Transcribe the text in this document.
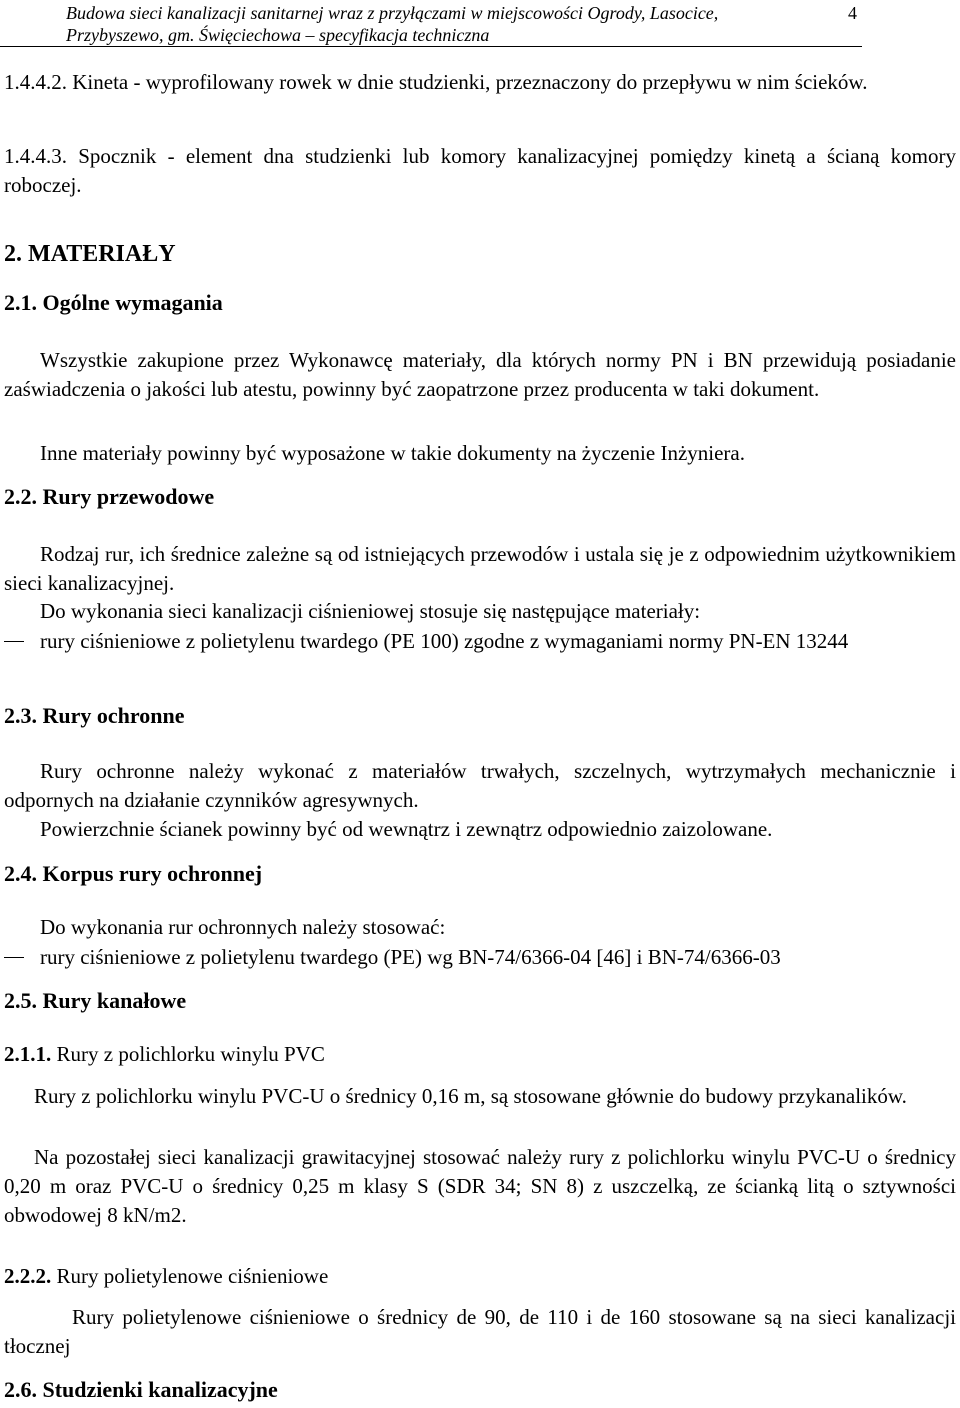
Budowa sieci kanalizacji sanitarnej wraz z przyłączami w miejscowości Ogrody, Lasocice,
Przybyszewo, gm. Święciechowa – specyfikacja techniczna
4
1.4.4.2. Kineta - wyprofilowany rowek w dnie studzienki, przeznaczony do przepływu w nim ścieków.
1.4.4.3. Spocznik - element dna studzienki lub komory kanalizacyjnej pomiędzy kinetą a ścianą komory roboczej.
2. MATERIAŁY
2.1. Ogólne wymagania
Wszystkie zakupione przez Wykonawcę materiały, dla których normy PN i BN przewidują posiadanie zaświadczenia o jakości lub atestu, powinny być zaopatrzone przez producenta w taki dokument.
Inne materiały powinny być wyposażone w takie dokumenty na życzenie Inżyniera.
2.2. Rury przewodowe
Rodzaj rur, ich średnice zależne są od istniejących przewodów i ustala się je z odpowiednim użytkownikiem sieci kanalizacyjnej.
Do wykonania sieci kanalizacji ciśnieniowej stosuje się następujące materiały:
rury ciśnieniowe z polietylenu twardego (PE 100) zgodne z wymaganiami normy PN-EN 13244
2.3. Rury ochronne
Rury ochronne należy wykonać z materiałów trwałych, szczelnych, wytrzymałych mechanicznie i odpornych na działanie czynników agresywnych.
Powierzchnie ścianek powinny być od wewnątrz i zewnątrz odpowiednio zaizolowane.
2.4. Korpus rury ochronnej
Do wykonania rur ochronnych należy stosować:
rury ciśnieniowe z polietylenu twardego (PE) wg BN-74/6366-04 [46] i BN-74/6366-03
2.5. Rury kanałowe
2.1.1. Rury z polichlorku winylu PVC
Rury z polichlorku winylu PVC-U o średnicy 0,16 m, są stosowane głównie do budowy przykanalików.
Na pozostałej sieci kanalizacji grawitacyjnej stosować należy rury z polichlorku winylu PVC-U o średnicy 0,20 m oraz PVC-U o średnicy 0,25 m klasy S (SDR 34; SN 8) z uszczelką, ze ścianką litą o sztywności obwodowej 8 kN/m2.
2.2.2. Rury polietylenowe ciśnieniowe
Rury polietylenowe ciśnieniowe o średnicy de 90, de 110 i de 160 stosowane są na sieci kanalizacji tłocznej
2.6. Studzienki kanalizacyjne
